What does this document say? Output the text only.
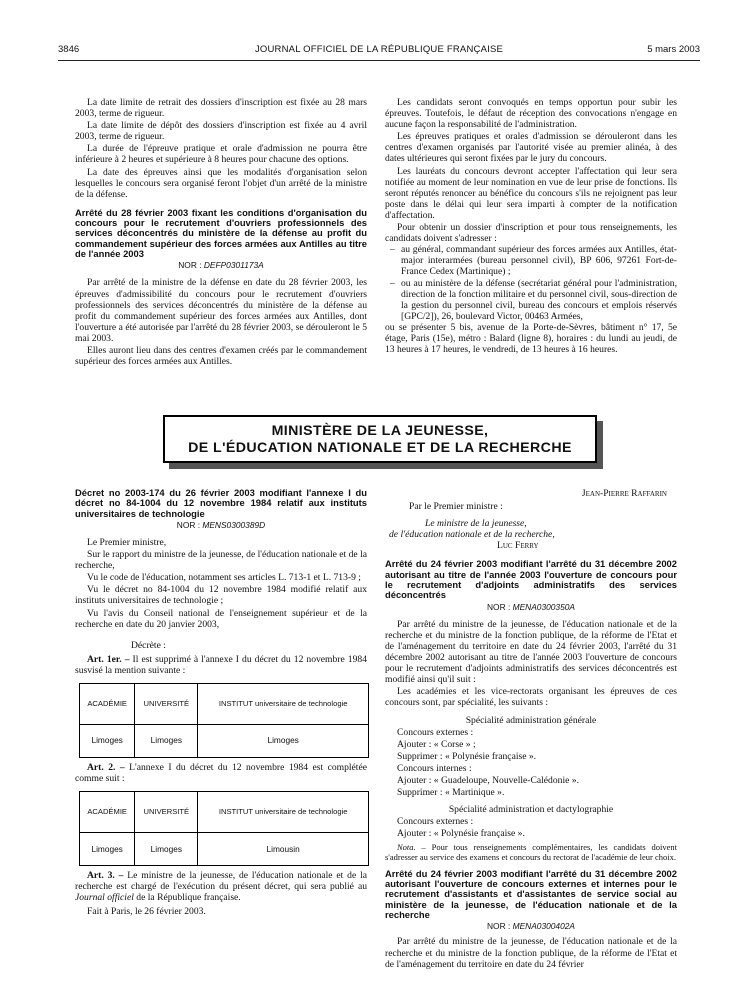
3846	JOURNAL OFFICIEL DE LA RÉPUBLIQUE FRANÇAISE	5 mars 2003

La date limite de retrait des dossiers d'inscription est fixée au 28 mars 2003, terme de rigueur.

La date limite de dépôt des dossiers d'inscription est fixée au 4 avril 2003, terme de rigueur.

La durée de l'épreuve pratique et orale d'admission ne pourra être inférieure à 2 heures et supérieure à 8 heures pour chacune des options.

La date des épreuves ainsi que les modalités d'organisation selon lesquelles le concours sera organisé feront l'objet d'un arrêté de la ministre de la défense.

Arrêté du 28 février 2003 fixant les conditions d'organisation du concours pour le recrutement d'ouvriers professionnels des services déconcentrés du ministère de la défense au profit du commandement supérieur des forces armées aux Antilles au titre de l'année 2003

NOR : DEFP0301173A

Par arrêté de la ministre de la défense en date du 28 février 2003, les épreuves d'admissibilité du concours pour le recrutement d'ouvriers professionnels des services déconcentrés du ministère de la défense au profit du commandement supérieur des forces armées aux Antilles, dont l'ouverture a été autorisée par l'arrêté du 28 février 2003, se dérouleront le 5 mai 2003.

Elles auront lieu dans des centres d'examen créés par le commandement supérieur des forces armées aux Antilles.

Les candidats seront convoqués en temps opportun pour subir les épreuves. Toutefois, le défaut de réception des convocations n'engage en aucune façon la responsabilité de l'administration.

Les épreuves pratiques et orales d'admission se dérouleront dans les centres d'examen organisés par l'autorité visée au premier alinéa, à des dates ultérieures qui seront fixées par le jury du concours.

Les lauréats du concours devront accepter l'affectation qui leur sera notifiée au moment de leur nomination en vue de leur prise de fonctions. Ils seront réputés renoncer au bénéfice du concours s'ils ne rejoignent pas leur poste dans le délai qui leur sera imparti à compter de la notification d'affectation.

Pour obtenir un dossier d'inscription et pour tous renseignements, les candidats doivent s'adresser :

– au général, commandant supérieur des forces armées aux Antilles, état-major interarmées (bureau personnel civil), BP 606, 97261 Fort-de-France Cedex (Martinique) ;
– ou au ministère de la défense (secrétariat général pour l'administration, direction de la fonction militaire et du personnel civil, sous-direction de la gestion du personnel civil, bureau des concours et emplois réservés [GPC/2]), 26, boulevard Victor, 00463 Armées,

ou se présenter 5 bis, avenue de la Porte-de-Sèvres, bâtiment n° 17, 5e étage, Paris (15e), métro : Balard (ligne 8), horaires : du lundi au jeudi, de 13 heures à 17 heures, le vendredi, de 13 heures à 16 heures.

MINISTÈRE DE LA JEUNESSE,
DE L'ÉDUCATION NATIONALE ET DE LA RECHERCHE

Décret no 2003-174 du 26 février 2003 modifiant l'annexe I du décret no 84-1004 du 12 novembre 1984 relatif aux instituts universitaires de technologie

NOR : MENS0300389D

Le Premier ministre,

Sur le rapport du ministre de la jeunesse, de l'éducation nationale et de la recherche,

Vu le code de l'éducation, notamment ses articles L. 713-1 et L. 713-9 ;

Vu le décret no 84-1004 du 12 novembre 1984 modifié relatif aux instituts universitaires de technologie ;

Vu l'avis du Conseil national de l'enseignement supérieur et de la recherche en date du 20 janvier 2003,

Décrète :

Art. 1er. – Il est supprimé à l'annexe I du décret du 12 novembre 1984 susvisé la mention suivante :

ACADÉMIE	UNIVERSITÉ	INSTITUT universitaire de technologie
Limoges	Limoges	Limoges

Art. 2. – L'annexe I du décret du 12 novembre 1984 est complétée comme suit :

ACADÉMIE	UNIVERSITÉ	INSTITUT universitaire de technologie
Limoges	Limoges	Limousin

Art. 3. – Le ministre de la jeunesse, de l'éducation nationale et de la recherche est chargé de l'exécution du présent décret, qui sera publié au Journal officiel de la République française.

Fait à Paris, le 26 février 2003.

Jean-Pierre Raffarin
Par le Premier ministre :
Le ministre de la jeunesse,
de l'éducation nationale et de la recherche,
Luc Ferry

Arrêté du 24 février 2003 modifiant l'arrêté du 31 décembre 2002 autorisant au titre de l'année 2003 l'ouverture de concours pour le recrutement d'adjoints administratifs des services déconcentrés

NOR : MENA0300350A

Par arrêté du ministre de la jeunesse, de l'éducation nationale et de la recherche et du ministre de la fonction publique, de la réforme de l'Etat et de l'aménagement du territoire en date du 24 février 2003, l'arrêté du 31 décembre 2002 autorisant au titre de l'année 2003 l'ouverture de concours pour le recrutement d'adjoints administratifs des services déconcentrés est modifié ainsi qu'il suit :

Les académies et les vice-rectorats organisant les épreuves de ces concours sont, par spécialité, les suivants :

Spécialité administration générale

Concours externes :

Ajouter : « Corse » ;

Supprimer : « Polynésie française ».

Concours internes :

Ajouter : « Guadeloupe, Nouvelle-Calédonie ».

Supprimer : « Martinique ».

Spécialité administration et dactylographie

Concours externes :

Ajouter : « Polynésie française ».

Nota. – Pour tous renseignements complémentaires, les candidats doivent s'adresser au service des examens et concours du rectorat de l'académie de leur choix.

Arrêté du 24 février 2003 modifiant l'arrêté du 31 décembre 2002 autorisant l'ouverture de concours externes et internes pour le recrutement d'assistants et d'assistantes de service social au ministère de la jeunesse, de l'éducation nationale et de la recherche

NOR : MENA0300402A

Par arrêté du ministre de la jeunesse, de l'éducation nationale et de la recherche et du ministre de la fonction publique, de la réforme de l'Etat et de l'aménagement du territoire en date du 24 février
